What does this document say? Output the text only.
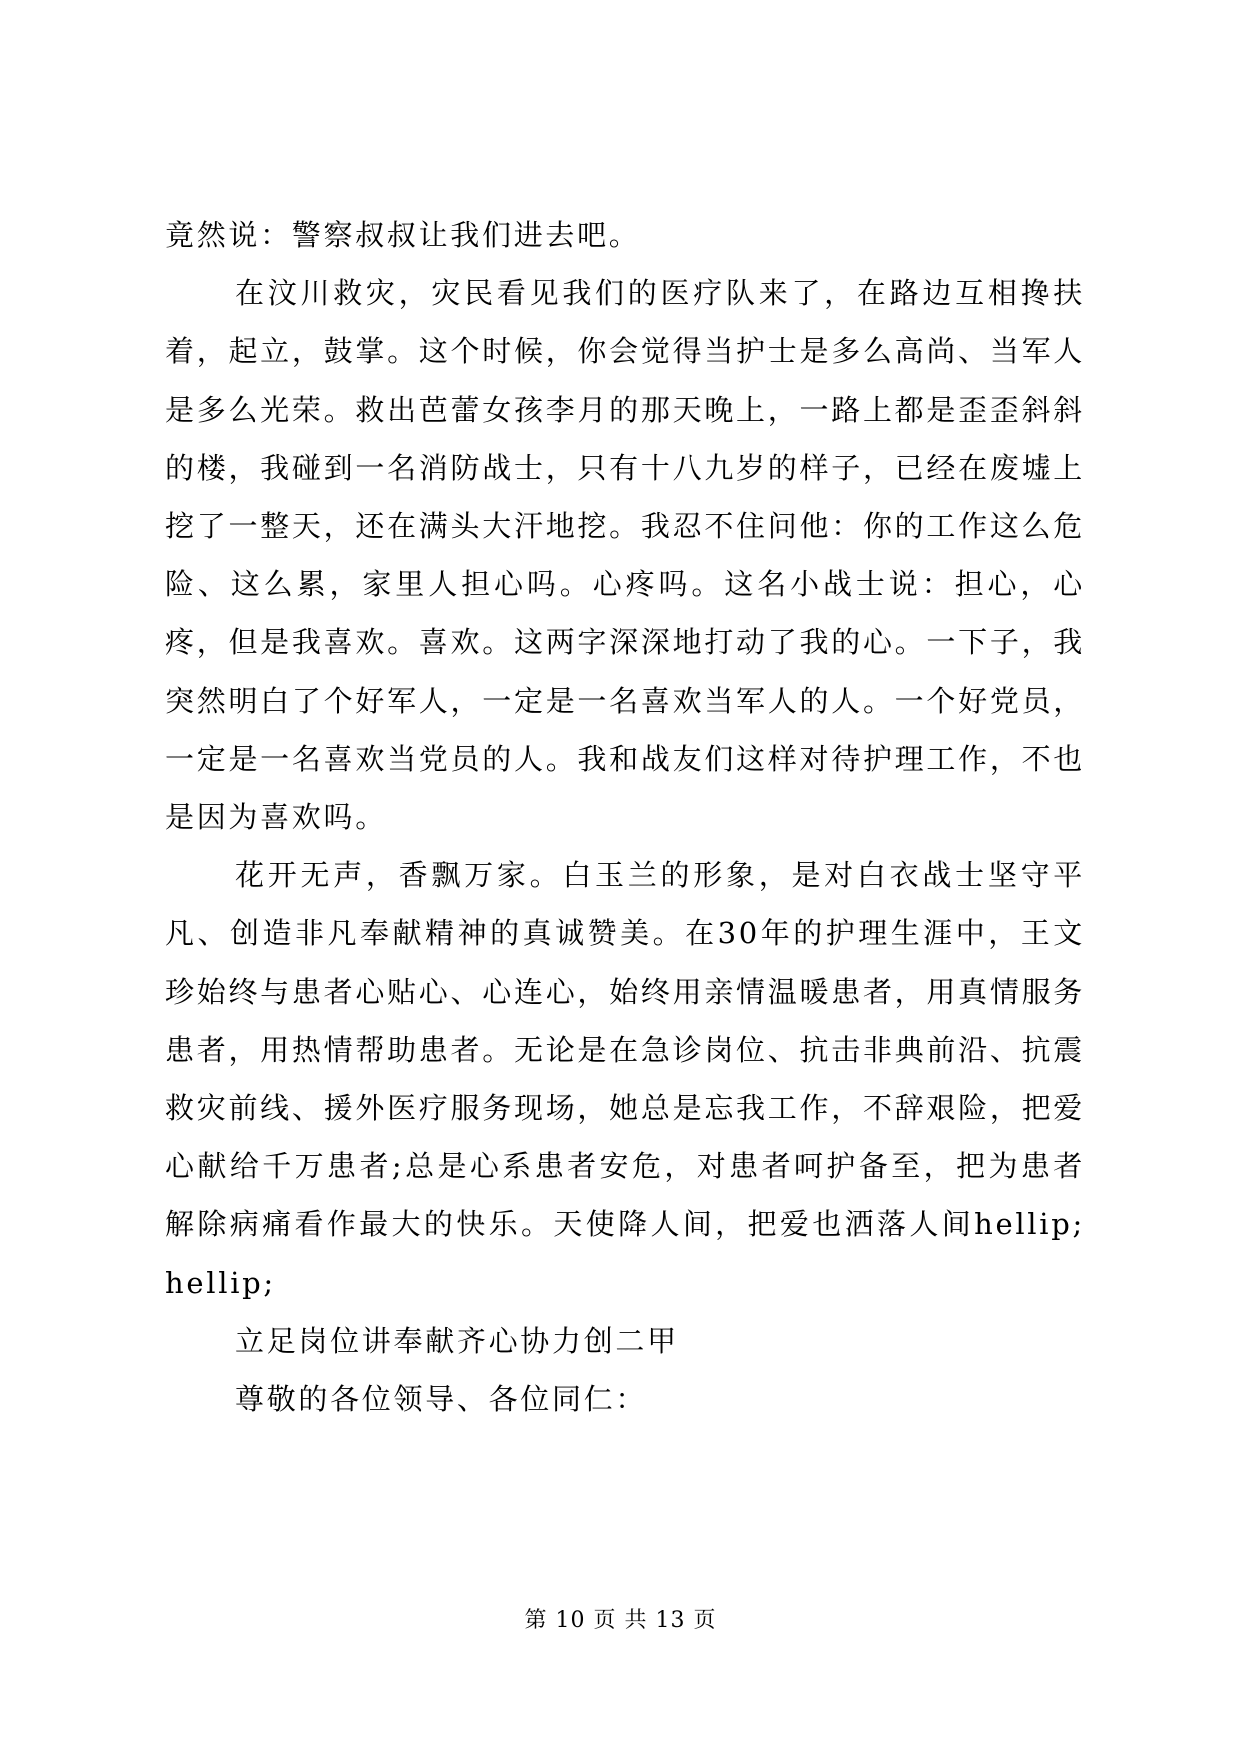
竟然说：警察叔叔让我们进去吧。

在汶川救灾，灾民看见我们的医疗队来了，在路边互相搀扶着，起立，鼓掌。这个时候，你会觉得当护士是多么高尚、当军人是多么光荣。救出芭蕾女孩李月的那天晚上，一路上都是歪歪斜斜的楼，我碰到一名消防战士，只有十八九岁的样子，已经在废墟上挖了一整天，还在满头大汗地挖。我忍不住问他：你的工作这么危险、这么累，家里人担心吗。心疼吗。这名小战士说：担心，心疼，但是我喜欢。喜欢。这两字深深地打动了我的心。一下子，我突然明白了个好军人，一定是一名喜欢当军人的人。一个好党员，一定是一名喜欢当党员的人。我和战友们这样对待护理工作，不也是因为喜欢吗。

花开无声，香飘万家。白玉兰的形象，是对白衣战士坚守平凡、创造非凡奉献精神的真诚赞美。在30年的护理生涯中，王文珍始终与患者心贴心、心连心，始终用亲情温暖患者，用真情服务患者，用热情帮助患者。无论是在急诊岗位、抗击非典前沿、抗震救灾前线、援外医疗服务现场，她总是忘我工作，不辞艰险，把爱心献给千万患者;总是心系患者安危，对患者呵护备至，把为患者解除病痛看作最大的快乐。天使降人间，把爱也洒落人间hellip;hellip;

立足岗位讲奉献齐心协力创二甲

尊敬的各位领导、各位同仁：

第 10 页 共 13 页
